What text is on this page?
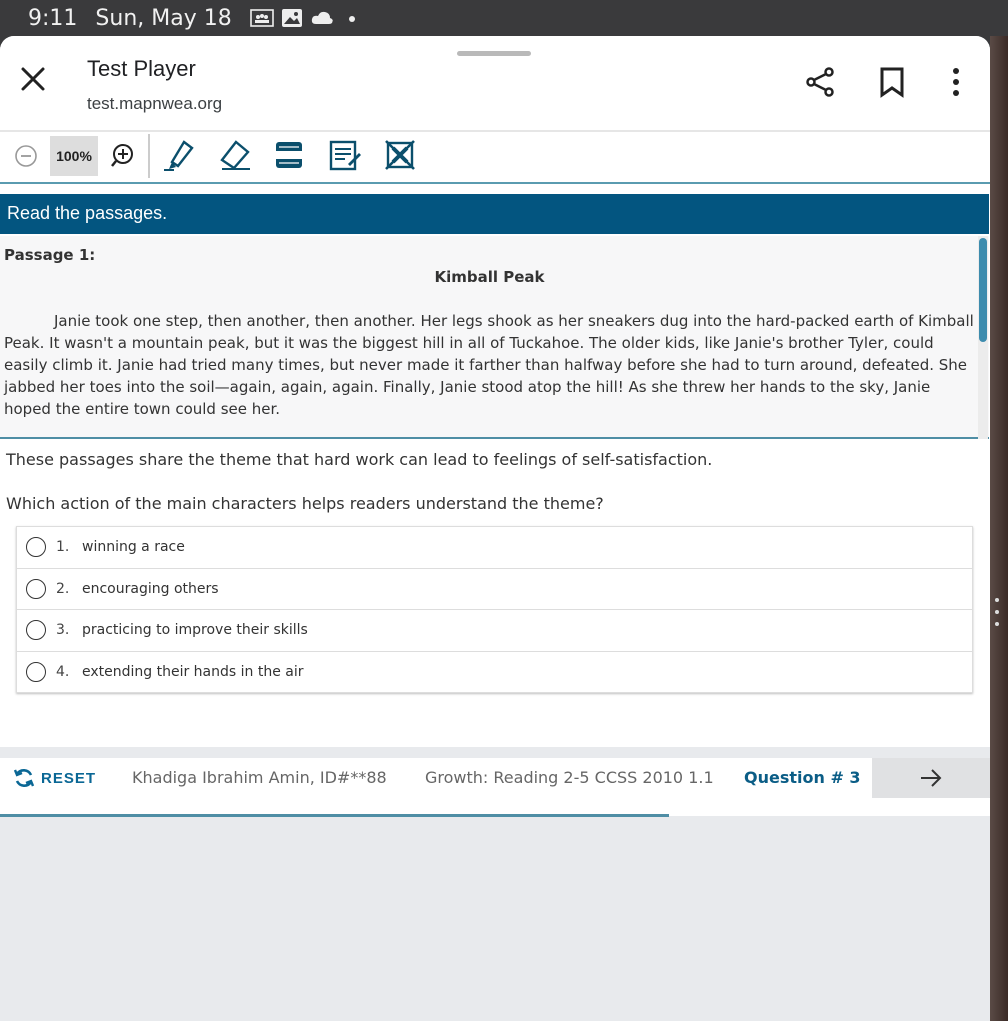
9:11 Sun, May 18
Test Player
test.mapnwea.org
100%
Read the passages.
Passage 1:
Kimball Peak
Janie took one step, then another, then another. Her legs shook as her sneakers dug into the hard-packed earth of Kimball Peak. It wasn't a mountain peak, but it was the biggest hill in all of Tuckahoe. The older kids, like Janie's brother Tyler, could easily climb it. Janie had tried many times, but never made it farther than halfway before she had to turn around, defeated. She jabbed her toes into the soil—again, again, again. Finally, Janie stood atop the hill! As she threw her hands to the sky, Janie hoped the entire town could see her.
These passages share the theme that hard work can lead to feelings of self-satisfaction.
Which action of the main characters helps readers understand the theme?
1. winning a race
2. encouraging others
3. practicing to improve their skills
4. extending their hands in the air
RESET Khadiga Ibrahim Amin, ID#**88 Growth: Reading 2-5 CCSS 2010 1.1 Question # 3
